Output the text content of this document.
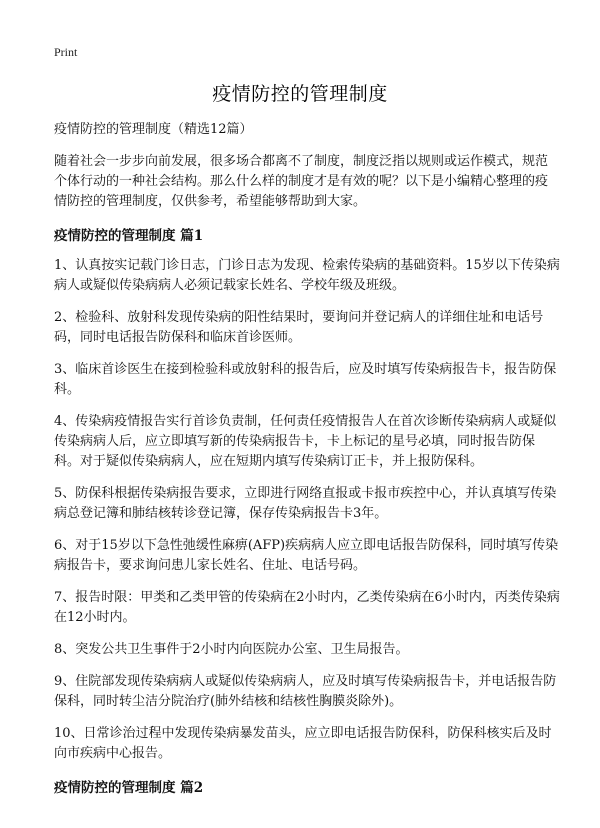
Print
疫情防控的管理制度

疫情防控的管理制度（精选12篇）

随着社会一步步向前发展，很多场合都离不了制度，制度泛指以规则或运作模式，规范个体行动的一种社会结构。那么什么样的制度才是有效的呢？以下是小编精心整理的疫情防控的管理制度，仅供参考，希望能够帮助到大家。

疫情防控的管理制度 篇1

1、认真按实记载门诊日志，门诊日志为发现、检索传染病的基础资料。15岁以下传染病病人或疑似传染病病人必须记载家长姓名、学校年级及班级。

2、检验科、放射科发现传染病的阳性结果时，要询问并登记病人的详细住址和电话号码，同时电话报告防保科和临床首诊医师。

3、临床首诊医生在接到检验科或放射科的报告后，应及时填写传染病报告卡，报告防保科。

4、传染病疫情报告实行首诊负责制，任何责任疫情报告人在首次诊断传染病病人或疑似传染病病人后，应立即填写新的传染病报告卡，卡上标记的星号必填，同时报告防保科。对于疑似传染病病人，应在短期内填写传染病订正卡，并上报防保科。

5、防保科根据传染病报告要求，立即进行网络直报或卡报市疾控中心，并认真填写传染病总登记簿和肺结核转诊登记簿，保存传染病报告卡3年。

6、对于15岁以下急性弛缓性麻痹(AFP)疾病病人应立即电话报告防保科，同时填写传染病报告卡，要求询问患儿家长姓名、住址、电话号码。

7、报告时限：甲类和乙类甲管的传染病在2小时内，乙类传染病在6小时内，丙类传染病在12小时内。

8、突发公共卫生事件于2小时内向医院办公室、卫生局报告。

9、住院部发现传染病病人或疑似传染病病人，应及时填写传染病报告卡，并电话报告防保科，同时转尘洁分院治疗(肺外结核和结核性胸膜炎除外)。

10、日常诊治过程中发现传染病暴发苗头，应立即电话报告防保科，防保科核实后及时向市疾病中心报告。

疫情防控的管理制度 篇2
